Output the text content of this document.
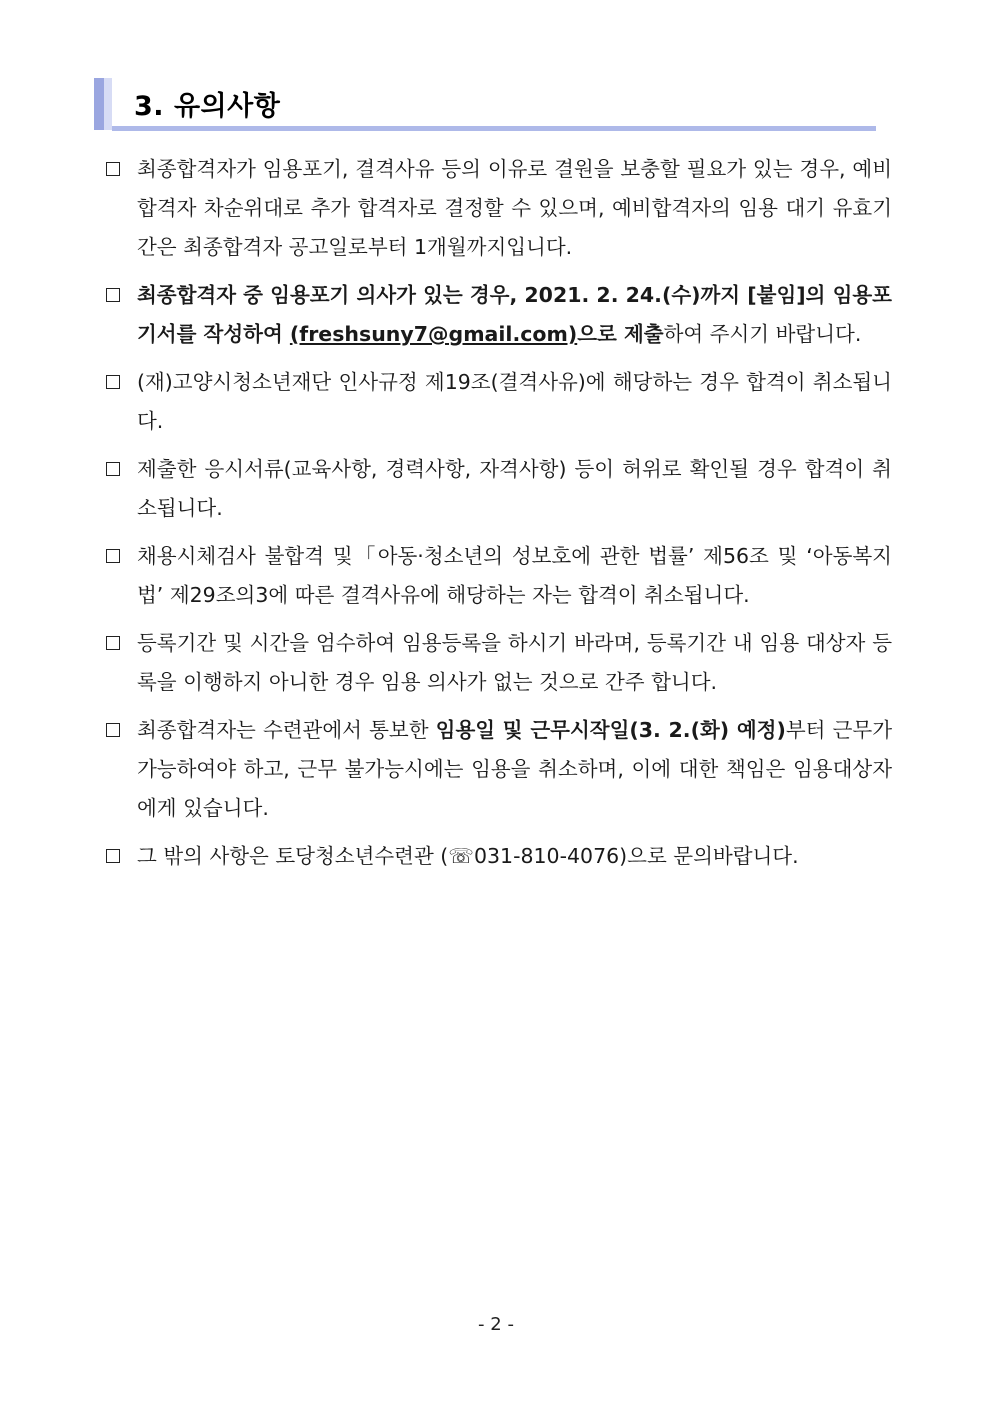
3. 유의사항
최종합격자가 임용포기, 결격사유 등의 이유로 결원을 보충할 필요가 있는 경우, 예비합격자 차순위대로 추가 합격자로 결정할 수 있으며, 예비합격자의 임용 대기 유효기간은 최종합격자 공고일로부터 1개월까지입니다.
최종합격자 중 임용포기 의사가 있는 경우, 2021. 2. 24.(수)까지 [붙임]의 임용포기서를 작성하여 (freshsuny7@gmail.com)으로 제출하여 주시기 바랍니다.
(재)고양시청소년재단 인사규정 제19조(결격사유)에 해당하는 경우 합격이 취소됩니다.
제출한 응시서류(교육사항, 경력사항, 자격사항) 등이 허위로 확인될 경우 합격이 취소됩니다.
채용시체검사 불합격 및「아동·청소년의 성보호에 관한 법률’ 제56조 및 ‘아동복지법’ 제29조의3에 따른 결격사유에 해당하는 자는 합격이 취소됩니다.
등록기간 및 시간을 엄수하여 임용등록을 하시기 바라며, 등록기간 내 임용 대상자 등록을 이행하지 아니한 경우 임용 의사가 없는 것으로 간주 합니다.
최종합격자는 수련관에서 통보한 임용일 및 근무시작일(3. 2.(화) 예정)부터 근무가 가능하여야 하고, 근무 불가능시에는 임용을 취소하며, 이에 대한 책임은 임용대상자에게 있습니다.
그 밖의 사항은 토당청소년수련관 (☏031-810-4076)으로 문의바랍니다.
- 2 -
